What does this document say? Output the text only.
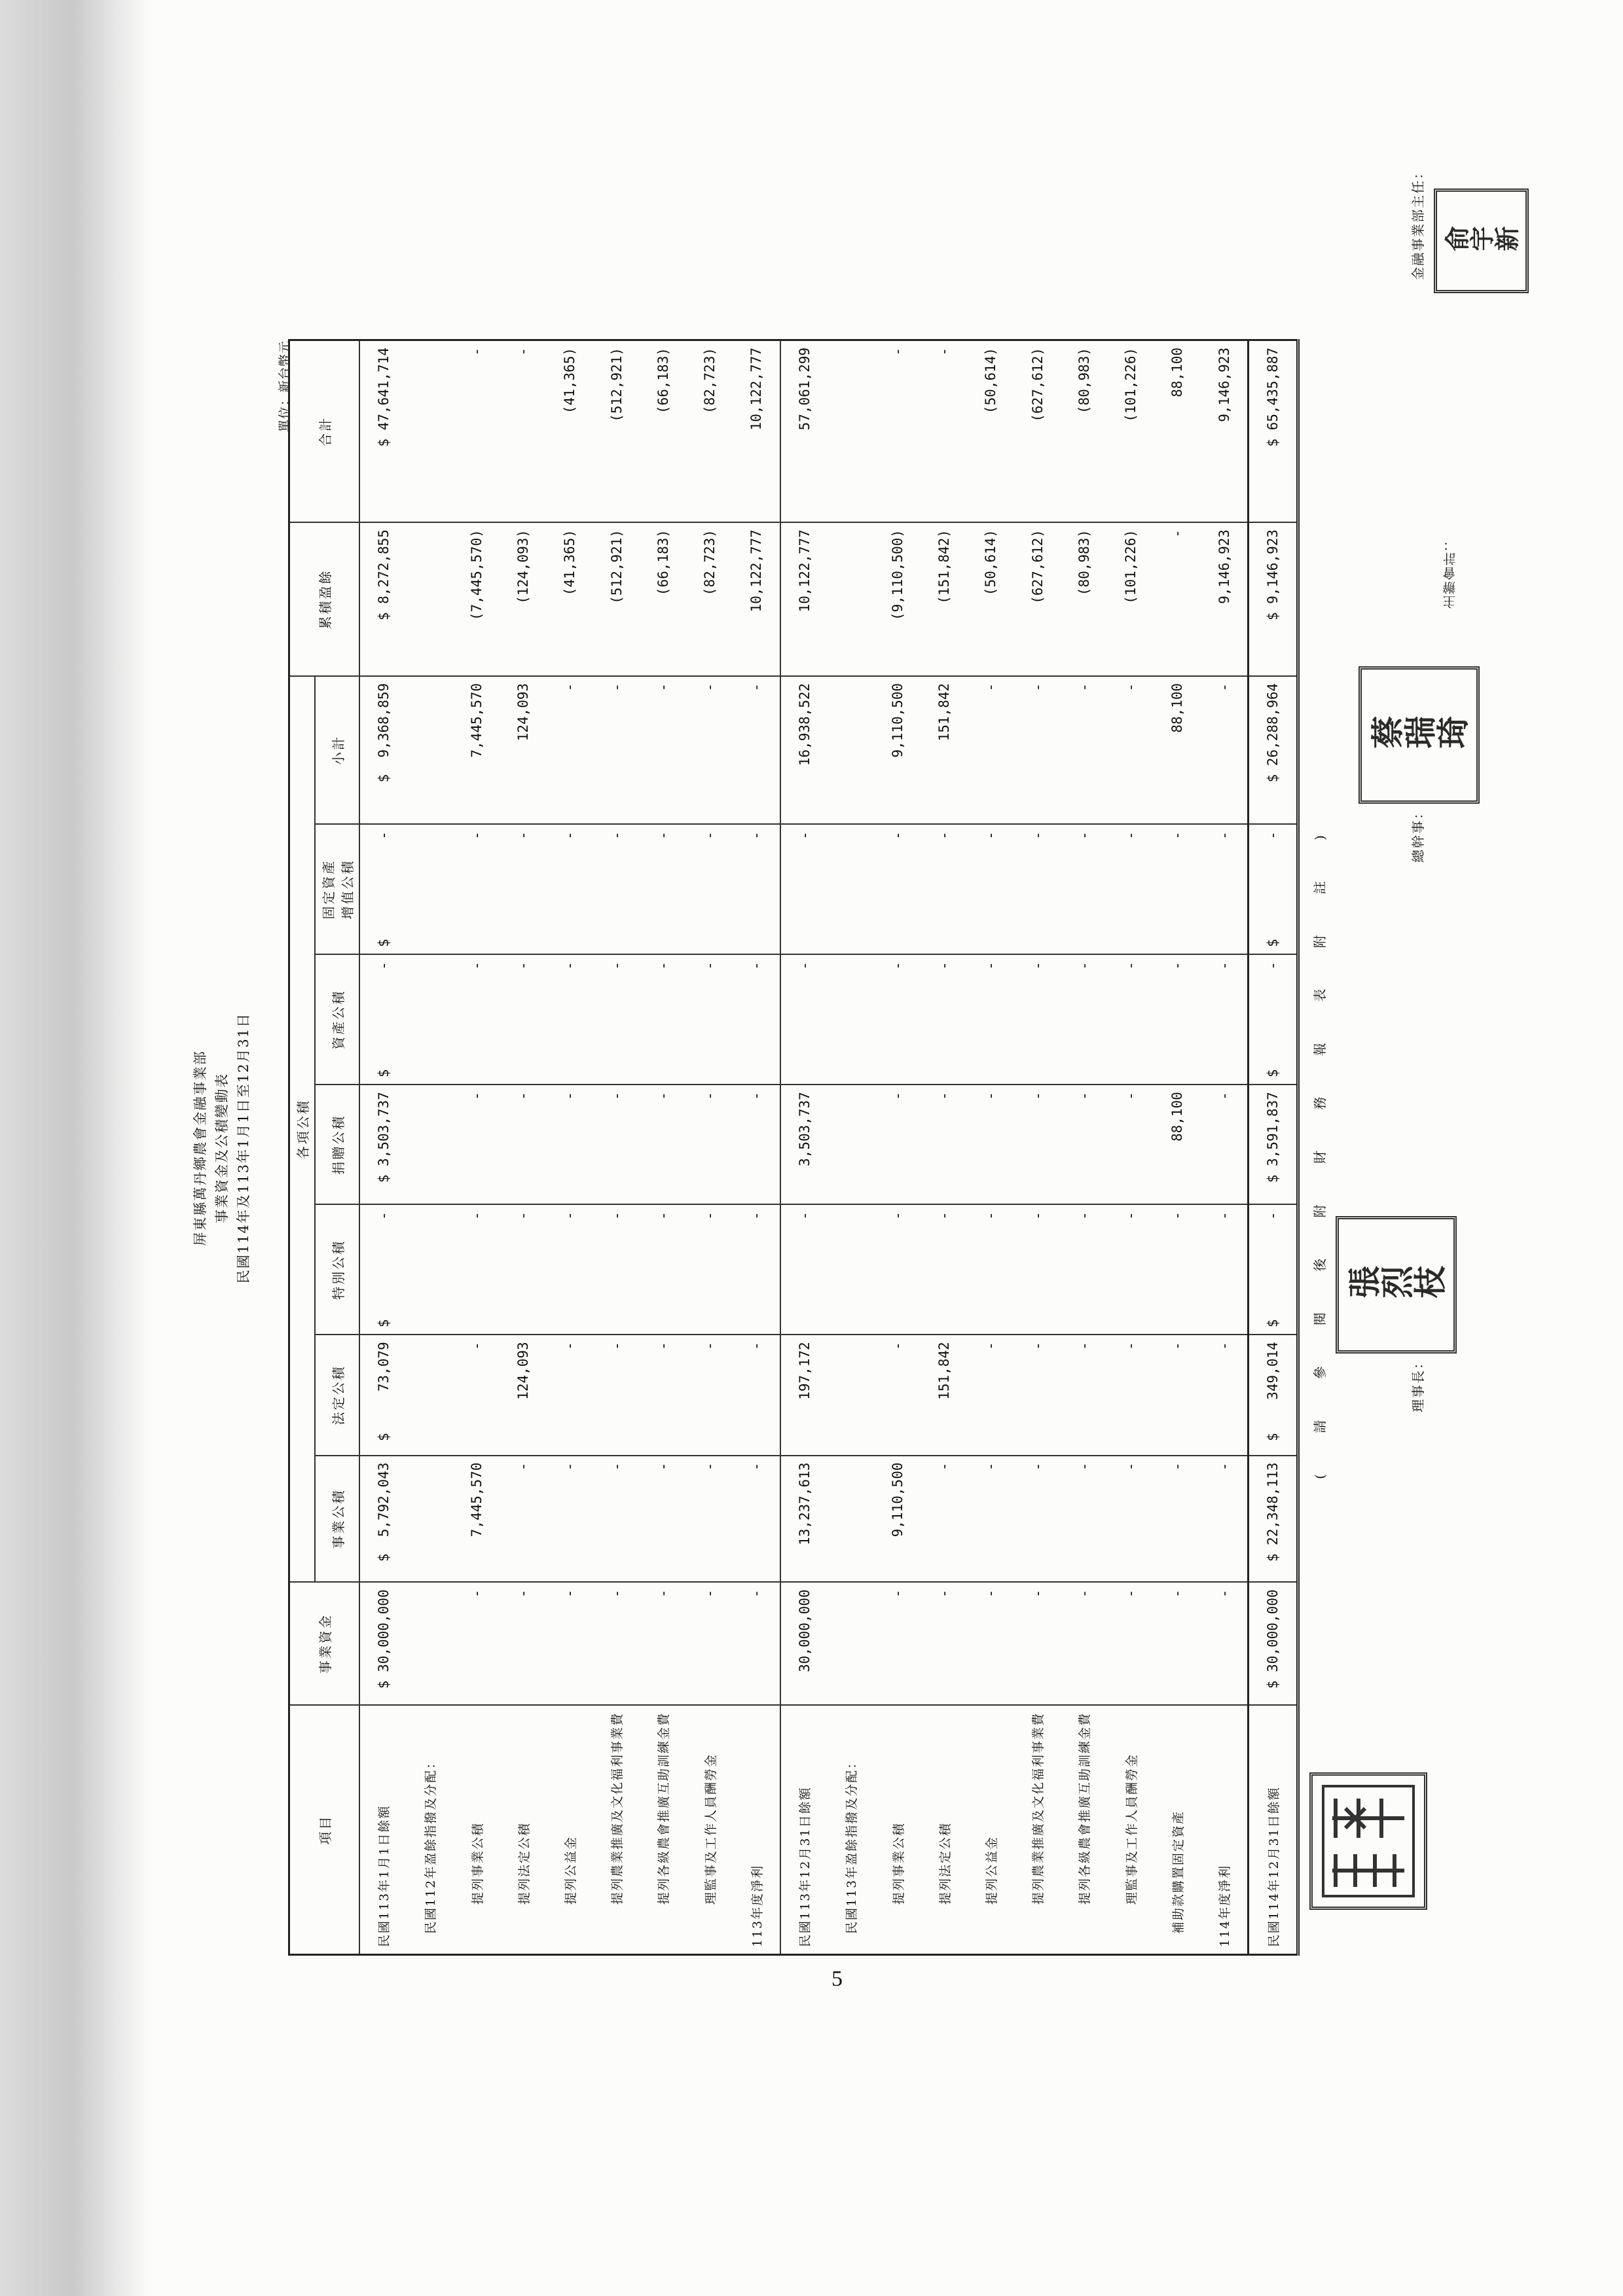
屏東縣萬丹鄉農會金融事業部 事業資金及公積變動表 民國114年及113年1月1日至12月31日
單位：新台幣元
項目	事業資金	各項公積							累積盈餘	合計
		事業公積	法定公積	特別公積	捐贈公積	資產公積	固定資產
增值公積	小計		
民國113年1月1日餘額	$ 30,000,000	$  5,792,043	$     73,079	$            -	$ 3,503,737	$            -	$            -	$  9,368,859	$ 8,272,855	$ 47,641,714
民國112年盈餘指撥及分配：										
提列事業公積	-	7,445,570	-	-	-	-	-	7,445,570	(7,445,570)	-
提列法定公積	-	-	124,093	-	-	-	-	124,093	(124,093)	-
提列公益金	-	-	-	-	-	-	-	-	(41,365)	(41,365)
提列農業推廣及文化福利事業費	-	-	-	-	-	-	-	-	(512,921)	(512,921)
提列各級農會推廣互助訓練金費	-	-	-	-	-	-	-	-	(66,183)	(66,183)
理監事及工作人員酬勞金	-	-	-	-	-	-	-	-	(82,723)	(82,723)
113年度淨利	-	-	-	-	-	-	-	-	10,122,777	10,122,777
民國113年12月31日餘額	30,000,000	13,237,613	197,172	-	3,503,737	-	-	16,938,522	10,122,777	57,061,299
民國113年盈餘指撥及分配：										
提列事業公積	-	9,110,500	-	-	-	-	-	9,110,500	(9,110,500)	-
提列法定公積	-	-	151,842	-	-	-	-	151,842	(151,842)	-
提列公益金	-	-	-	-	-	-	-	-	(50,614)	(50,614)
提列農業推廣及文化福利事業費	-	-	-	-	-	-	-	-	(627,612)	(627,612)
提列各級農會推廣互助訓練金費	-	-	-	-	-	-	-	-	(80,983)	(80,983)
理監事及工作人員酬勞金	-	-	-	-	-	-	-	-	(101,226)	(101,226)
補助款購置固定資產	-	-	-	-	88,100	-	-	88,100	-	88,100
114年度淨利	-	-	-	-	-	-	-	-	9,146,923	9,146,923
民國114年12月31日餘額	$ 30,000,000	$ 22,348,113	$    349,014	$            -	$ 3,591,837	$            -	$            -	$ 26,288,964	$ 9,146,923	$ 65,435,887
( 請 參 閱 後 附 財 務 報 表 附 註 )	理事長：
總幹事：
金融事業部主任：
張烈枝
蔡瑞琦
俞宇新
主辦會計：
5
